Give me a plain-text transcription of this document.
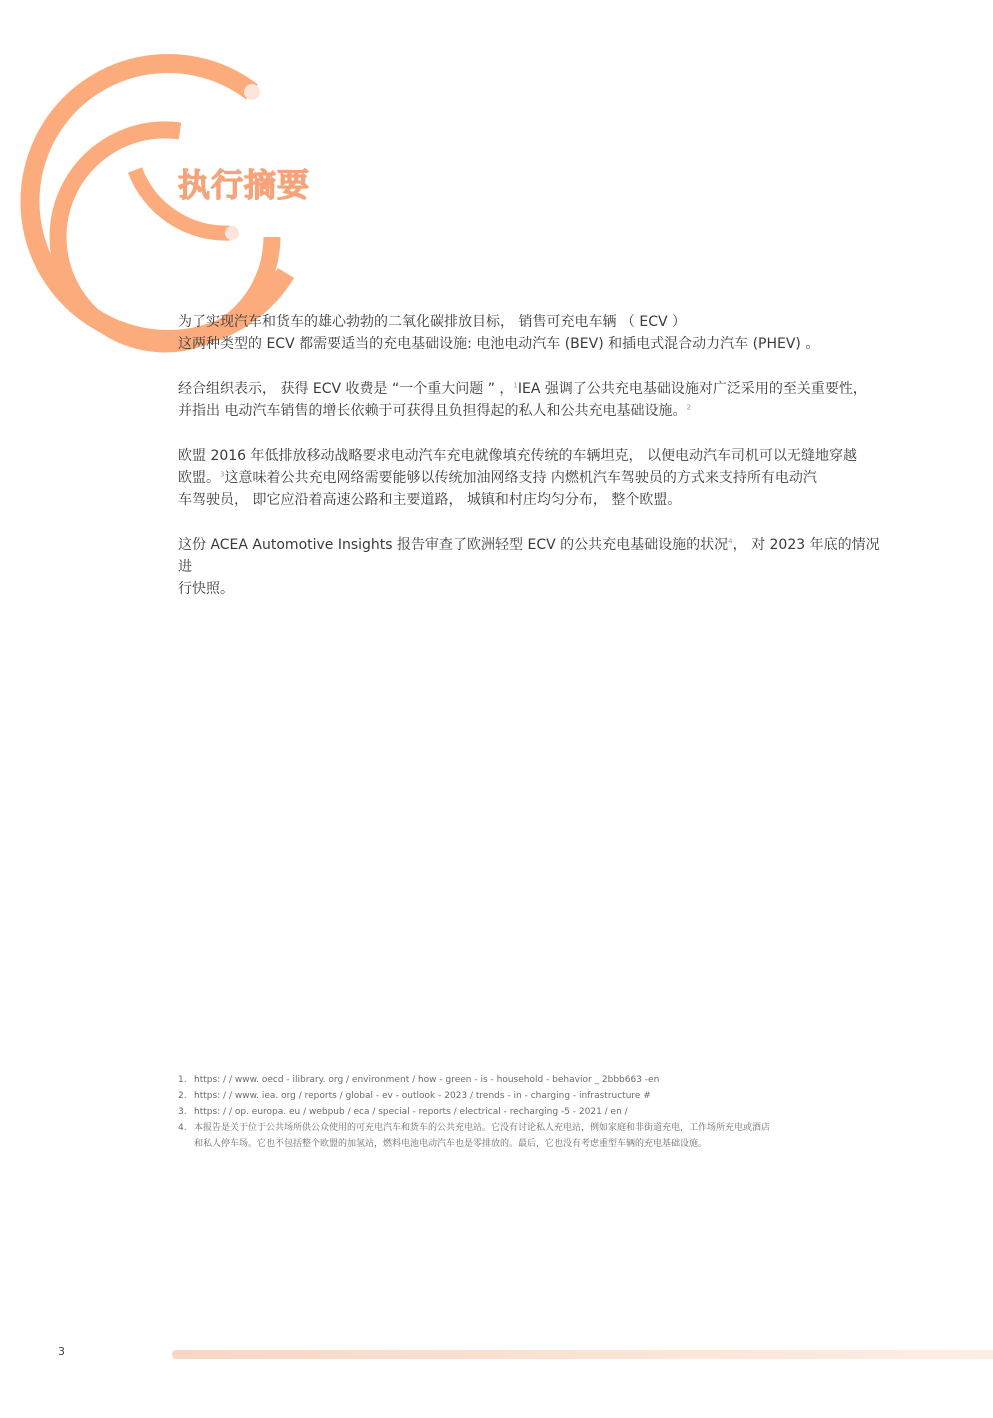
执行摘要

为了实现汽车和货车的雄心勃勃的二氧化碳排放目标， 销售可充电车辆 （ ECV ）
这两种类型的 ECV 都需要适当的充电基础设施: 电池电动汽车 (BEV) 和插电式混合动力汽车 (PHEV) 。

经合组织表示， 获得 ECV 收费是 “一个重大问题 ” ，$^1$IEA 强调了公共充电基础设施对广泛采用的至关重要性，
并指出 电动汽车销售的增长依赖于可获得且负担得起的私人和公共充电基础设施。$^2$

欧盟 2016 年低排放移动战略要求电动汽车充电就像填充传统的车辆坦克， 以便电动汽车司机可以无缝地穿越
欧盟。$^3$这意味着公共充电网络需要能够以传统加油网络支持 内燃机汽车驾驶员的方式来支持所有电动汽
车驾驶员， 即它应沿着高速公路和主要道路， 城镇和村庄均匀分布， 整个欧盟。

这份 ACEA Automotive Insights 报告审查了欧洲轻型 ECV 的公共充电基础设施的状况$^4$， 对 2023 年底的情况进
行快照。

1. https: / / www. oecd - ilibrary. org / environment / how - green - is - household - behavior _ 2bbb663 -en
2. https: / / www. iea. org / reports / global - ev - outlook - 2023 / trends - in - charging - infrastructure #
3. https: / / op. europa. eu / webpub / eca / special - reports / electrical - recharging -5 - 2021 / en /
4. 本报告是关于位于公共场所供公众使用的可充电汽车和货车的公共充电站。它没有讨论私人充电站，例如家庭和非街道充电，工作场所充电或酒店
和私人停车场。它也不包括整个欧盟的加氢站，燃料电池电动汽车也是零排放的。最后，它也没有考虑重型车辆的充电基础设施。
3
